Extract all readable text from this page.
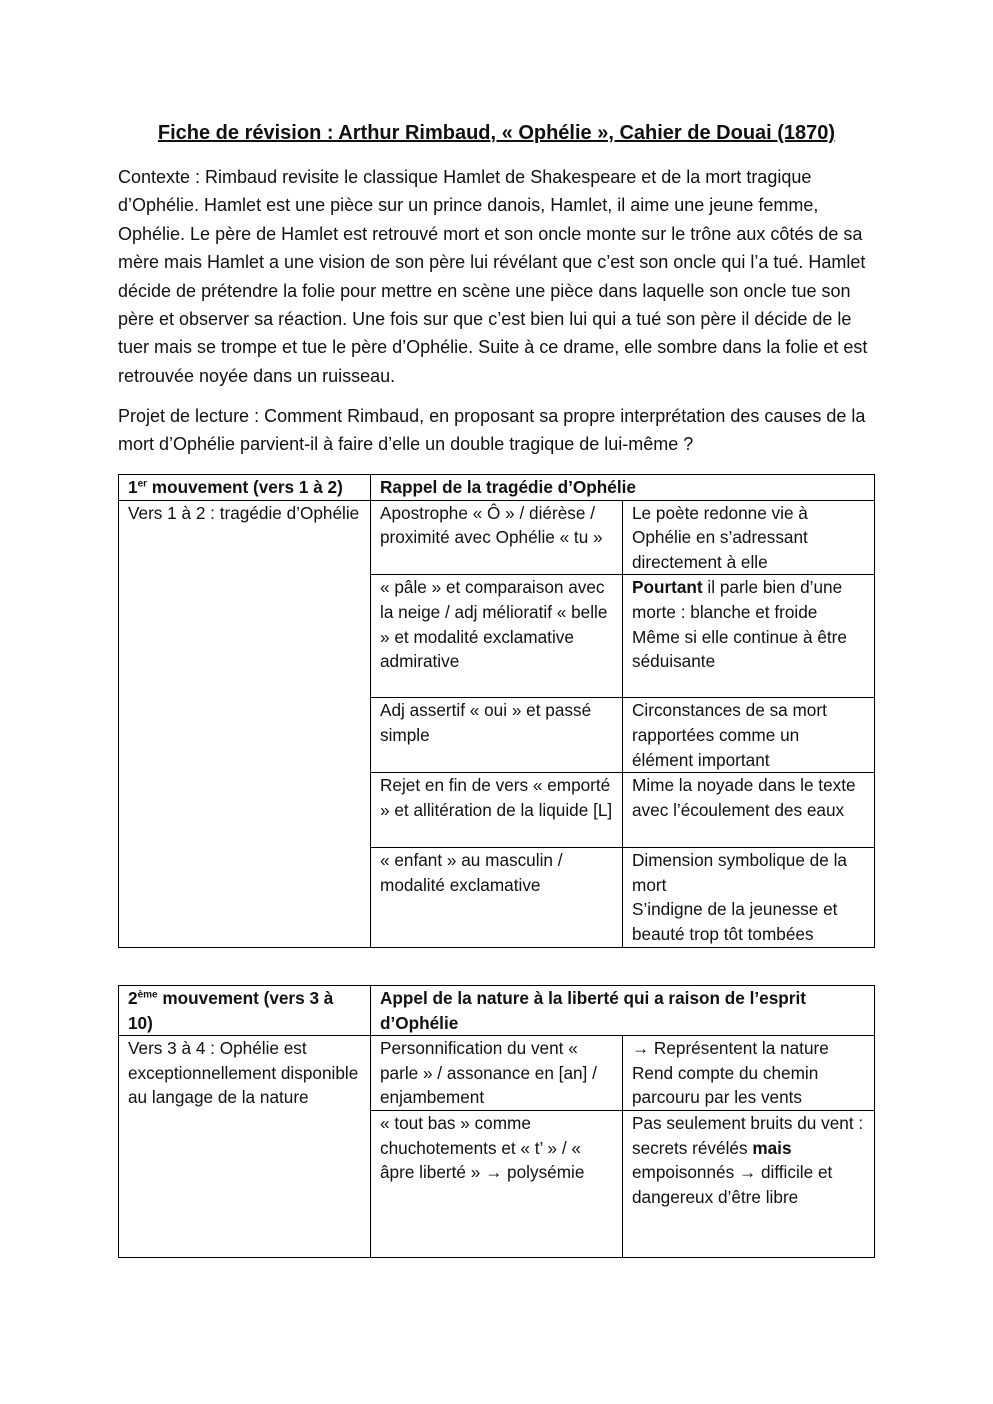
Fiche de révision : Arthur Rimbaud, « Ophélie », Cahier de Douai (1870)
Contexte : Rimbaud revisite le classique Hamlet de Shakespeare et de la mort tragique d’Ophélie. Hamlet est une pièce sur un prince danois, Hamlet, il aime une jeune femme, Ophélie. Le père de Hamlet est retrouvé mort et son oncle monte sur le trône aux côtés de sa mère mais Hamlet a une vision de son père lui révélant que c’est son oncle qui l’a tué. Hamlet décide de prétendre la folie pour mettre en scène une pièce dans laquelle son oncle tue son père et observer sa réaction. Une fois sur que c’est bien lui qui a tué son père il décide de le tuer mais se trompe et tue le père d’Ophélie. Suite à ce drame, elle sombre dans la folie et est retrouvée noyée dans un ruisseau.
Projet de lecture : Comment Rimbaud, en proposant sa propre interprétation des causes de la mort d’Ophélie parvient-il à faire d’elle un double tragique de lui-même ?
1er mouvement (vers 1 à 2)	Rappel de la tragédie d’Ophélie	
Vers 1 à 2 : tragédie d’Ophélie	Apostrophe « Ô » / diérèse / proximité avec Ophélie « tu »	Le poète redonne vie à Ophélie en s’adressant directement à elle
	« pâle » et comparaison avec la neige / adj mélioratif « belle » et modalité exclamative admirative	Pourtant il parle bien d’une morte : blanche et froide
Même si elle continue à être séduisante

	Adj assertif « oui » et passé simple	Circonstances de sa mort rapportées comme un élément important
	Rejet en fin de vers « emporté » et allitération de la liquide [L]	Mime la noyade dans le texte avec l’écoulement des eaux
	« enfant » au masculin / modalité exclamative	Dimension symbolique de la mort
S’indigne de la jeunesse et beauté trop tôt tombées
2ème mouvement (vers 3 à 10)	Appel de la nature à la liberté qui a raison de l’esprit d’Ophélie	
Vers 3 à 4 : Ophélie est exceptionnellement disponible au langage de la nature	Personnification du vent « parle » / assonance en [an] / enjambement	→ Représentent la nature
Rend compte du chemin parcouru par les vents

	« tout bas » comme chuchotements et « t’ » / « âpre liberté » → polysémie	Pas seulement bruits du vent : secrets révélés mais empoisonnés → difficile et dangereux d’être libre
